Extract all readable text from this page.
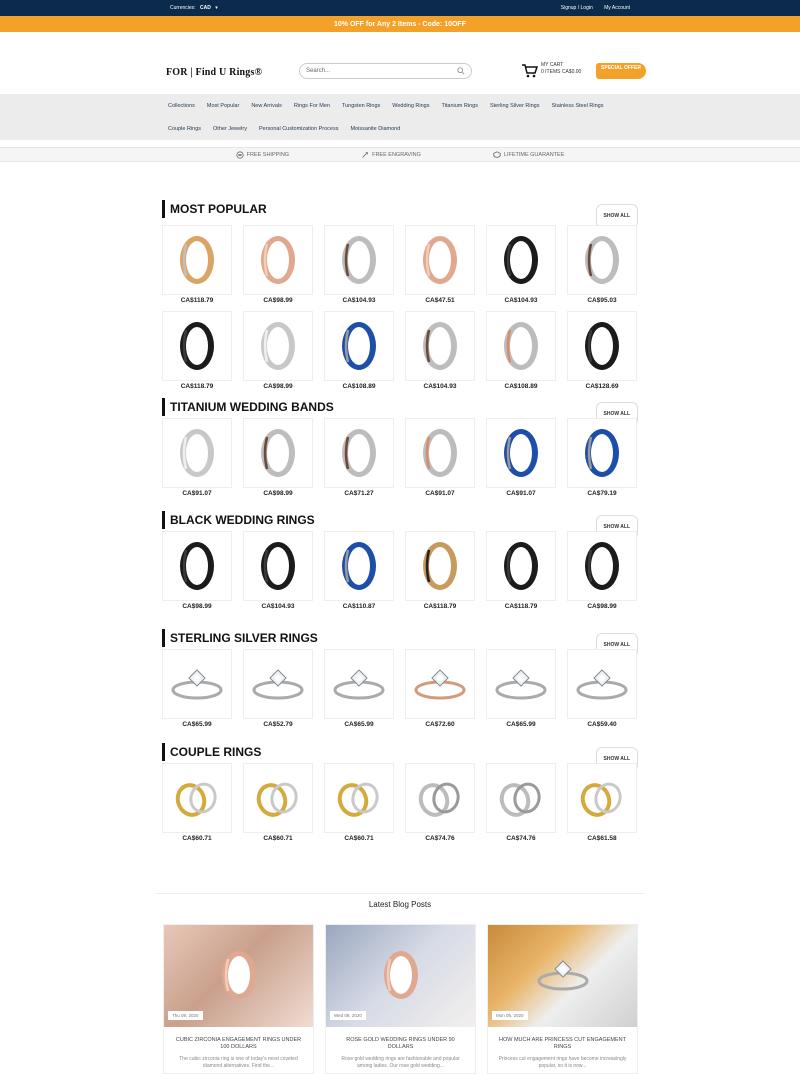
Currencies: CAD ▾	Signup / Login My Account
10% OFF for Any 2 Items - Code: 10OFF
FOR | Find U Rings®	Search...
MY CART
0 ITEMS CA$0.00
SPECIAL OFFER
Collections Most Popular New Arrivals Rings For Men Tungsten Rings Wedding Rings Titanium Rings Sterling Silver Rings Stainless Steel Rings
Couple Rings Other Jewelry Personal Customization Process Moissanite Diamond
FREE SHIPPING	FREE ENGRAVING	LIFETIME GUARANTEE
MOST POPULAR	SHOW ALL
CA$118.79	CA$98.99	CA$104.93	CA$47.51	CA$104.93	CA$95.03
CA$118.79	CA$98.99	CA$108.89	CA$104.93	CA$108.89	CA$128.69
TITANIUM WEDDING BANDS	SHOW ALL
CA$91.07	CA$98.99	CA$71.27	CA$91.07	CA$91.07	CA$79.19
BLACK WEDDING RINGS	SHOW ALL
CA$98.99	CA$104.93	CA$110.87	CA$118.79	CA$118.79	CA$98.99
STERLING SILVER RINGS	SHOW ALL
CA$65.99	CA$52.79	CA$65.99	CA$72.60	CA$65.99	CA$59.40
COUPLE RINGS	SHOW ALL
CA$60.71	CA$60.71	CA$60.71	CA$74.76	CA$74.76	CA$61.58
Latest Blog Posts
Thu 09, 2020
CUBIC ZIRCONIA ENGAGEMENT RINGS UNDER 100 DOLLARS
The cubic zirconia ring is one of today's most coveted diamond alternatives. Find the...
Wed 08, 2020
ROSE GOLD WEDDING RINGS UNDER 90 DOLLARS
Rose gold wedding rings are fashionable and popular among ladies. Our rose gold wedding...
Mon 05, 2020
HOW MUCH ARE PRINCESS CUT ENGAGEMENT RINGS
Princess cut engagement rings have become increasingly popular, so it is now...
